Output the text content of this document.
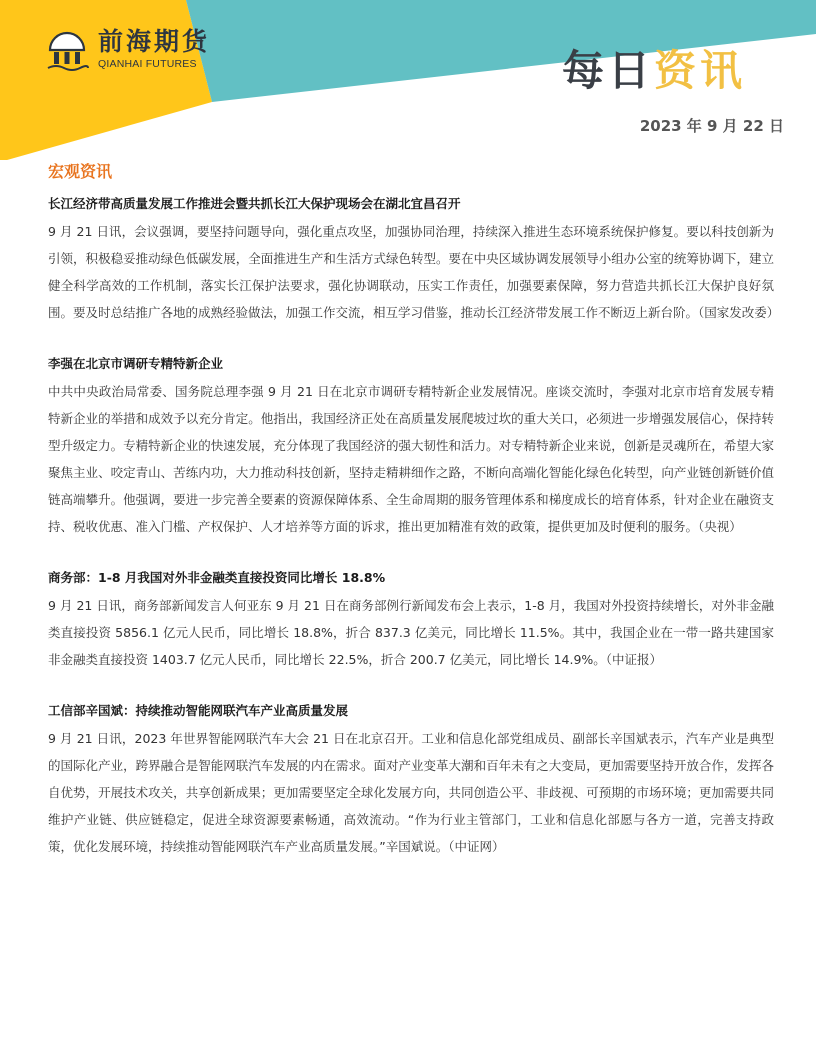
前海期货
QIANHAI FUTURES	每日资讯
2023 年 9 月 22 日
宏观资讯

长江经济带高质量发展工作推进会暨共抓长江大保护现场会在湖北宜昌召开

9 月 21 日讯，会议强调，要坚持问题导向，强化重点攻坚，加强协同治理，持续深入推进生态环境系统保护修复。要以科技创新为引领，积极稳妥推动绿色低碳发展，全面推进生产和生活方式绿色转型。要在中央区域协调发展领导小组办公室的统筹协调下，建立健全科学高效的工作机制，落实长江保护法要求，强化协调联动，压实工作责任，加强要素保障，努力营造共抓长江大保护良好氛围。要及时总结推广各地的成熟经验做法，加强工作交流，相互学习借鉴，推动长江经济带发展工作不断迈上新台阶。（国家发改委）

李强在北京市调研专精特新企业

中共中央政治局常委、国务院总理李强 9 月 21 日在北京市调研专精特新企业发展情况。座谈交流时，李强对北京市培育发展专精特新企业的举措和成效予以充分肯定。他指出，我国经济正处在高质量发展爬坡过坎的重大关口，必须进一步增强发展信心，保持转型升级定力。专精特新企业的快速发展，充分体现了我国经济的强大韧性和活力。对专精特新企业来说，创新是灵魂所在，希望大家聚焦主业、咬定青山、苦练内功，大力推动科技创新，坚持走精耕细作之路，不断向高端化智能化绿色化转型，向产业链创新链价值链高端攀升。他强调，要进一步完善全要素的资源保障体系、全生命周期的服务管理体系和梯度成长的培育体系，针对企业在融资支持、税收优惠、准入门槛、产权保护、人才培养等方面的诉求，推出更加精准有效的政策，提供更加及时便利的服务。（央视）

商务部：1-8 月我国对外非金融类直接投资同比增长 18.8%

9 月 21 日讯，商务部新闻发言人何亚东 9 月 21 日在商务部例行新闻发布会上表示，1-8 月，我国对外投资持续增长，对外非金融类直接投资 5856.1 亿元人民币，同比增长 18.8%，折合 837.3 亿美元，同比增长 11.5%。其中，我国企业在一带一路共建国家非金融类直接投资 1403.7 亿元人民币，同比增长 22.5%，折合 200.7 亿美元，同比增长 14.9%。（中证报）

工信部辛国斌：持续推动智能网联汽车产业高质量发展

9 月 21 日讯，2023 年世界智能网联汽车大会 21 日在北京召开。工业和信息化部党组成员、副部长辛国斌表示，汽车产业是典型的国际化产业，跨界融合是智能网联汽车发展的内在需求。面对产业变革大潮和百年未有之大变局，更加需要坚持开放合作，发挥各自优势，开展技术攻关，共享创新成果；更加需要坚定全球化发展方向，共同创造公平、非歧视、可预期的市场环境；更加需要共同维护产业链、供应链稳定，促进全球资源要素畅通，高效流动。“作为行业主管部门，工业和信息化部愿与各方一道，完善支持政策，优化发展环境，持续推动智能网联汽车产业高质量发展。”辛国斌说。（中证网）
